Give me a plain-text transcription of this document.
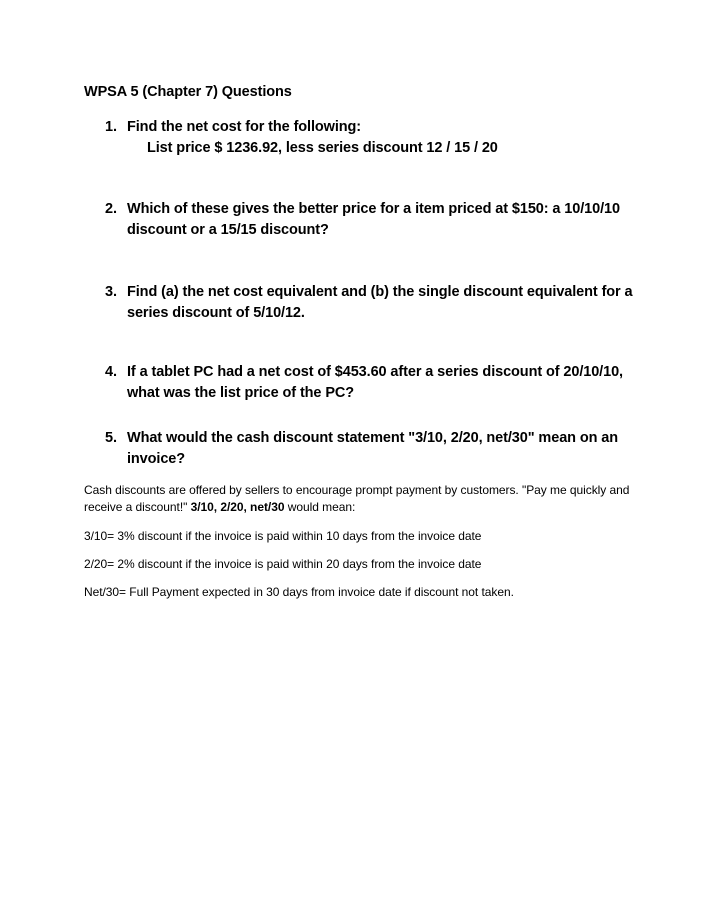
WPSA 5 (Chapter 7) Questions
1. Find the net cost for the following:
List price $ 1236.92, less series discount 12 / 15 / 20
2. Which of these gives the better price for a item priced at $150: a 10/10/10 discount or a 15/15 discount?
3. Find (a) the net cost equivalent and (b) the single discount equivalent for a series discount of 5/10/12.
4. If a tablet PC had a net cost of $453.60 after a series discount of 20/10/10, what was the list price of the PC?
5. What would the cash discount statement "3/10, 2/20, net/30" mean on an invoice?
Cash discounts are offered by sellers to encourage prompt payment by customers. "Pay me quickly and receive a discount!" 3/10, 2/20, net/30 would mean:
3/10= 3% discount if the invoice is paid within 10 days from the invoice date
2/20= 2% discount if the invoice is paid within 20 days from the invoice date
Net/30= Full Payment expected in 30 days from invoice date if discount not taken.
